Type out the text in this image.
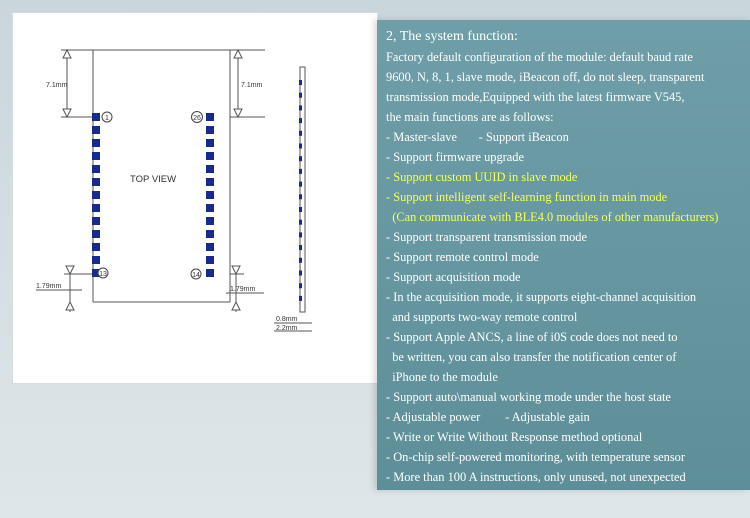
1	26
13	14
TOP VIEW
7.1mm	7.1mm
1.79mm	1.79mm
0.8mm
2.2mm
2, The system function:
Factory default configuration of the module: default baud rate
9600, N, 8, 1, slave mode, iBeacon off, do not sleep, transparent
transmission mode,Equipped with the latest firmware V545,
the main functions are as follows:
- Master-slave       - Support iBeacon
- Support firmware upgrade
- Support custom UUID in slave mode
- Support intelligent self-learning function in main mode
(Can communicate with BLE4.0 modules of other manufacturers)
- Support transparent transmission mode
- Support remote control mode
- Support acquisition mode
- In the acquisition mode, it supports eight-channel acquisition
and supports two-way remote control
- Support Apple ANCS, a line of i0S code does not need to
be written, you can also transfer the notification center of
iPhone to the module
- Support auto\manual working mode under the host state
- Adjustable power        - Adjustable gain
- Write or Write Without Response method optional
- On-chip self-powered monitoring, with temperature sensor
- More than 100 A instructions, only unused, not unexpected
